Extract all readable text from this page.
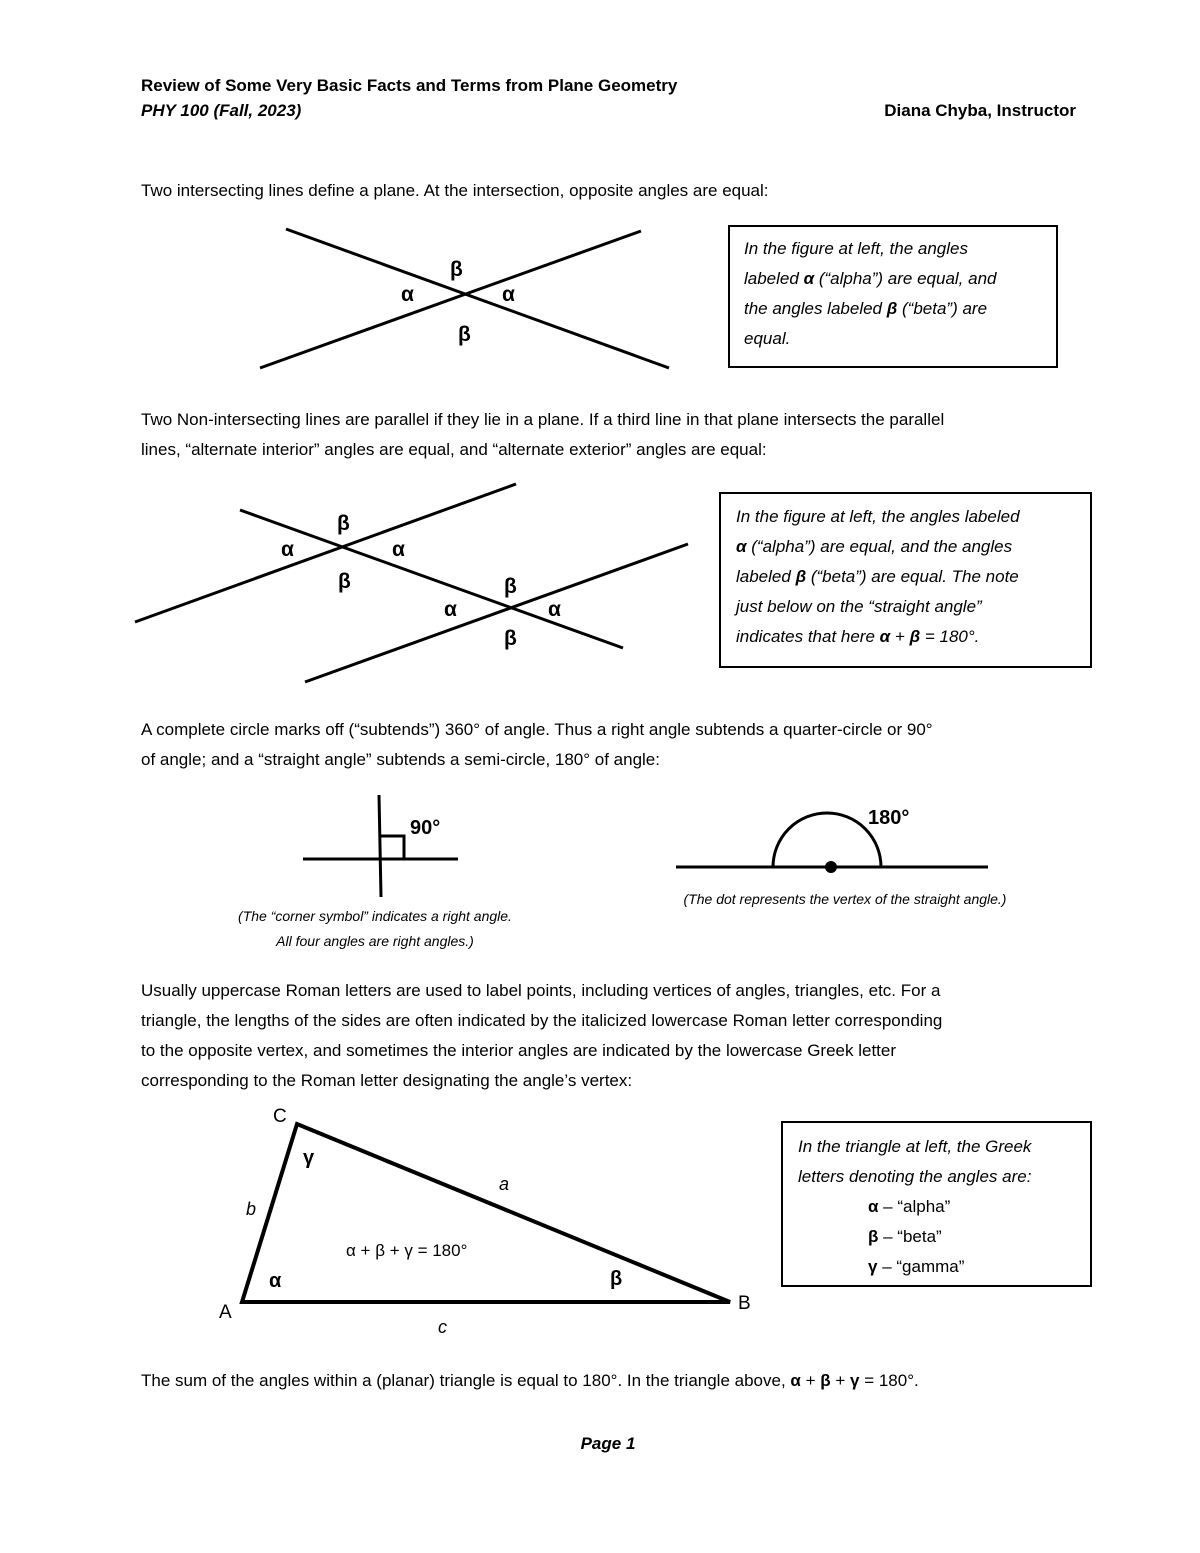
Review of Some Very Basic Facts and Terms from Plane Geometry
PHY 100 (Fall, 2023)	Diana Chyba, Instructor
Two intersecting lines define a plane. At the intersection, opposite angles are equal:
β
α	α
β
β
α	α
β	β
α	α
β
90°	180°
C
A	B
a
b
c
γ
α	β
α + β + γ = 180°
In the figure at left, the angles
labeled α (“alpha”) are equal, and
the angles labeled β (“beta”) are
equal.
Two Non-intersecting lines are parallel if they lie in a plane. If a third line in that plane intersects the parallel
lines, “alternate interior” angles are equal, and “alternate exterior” angles are equal:
In the figure at left, the angles labeled
α (“alpha”) are equal, and the angles
labeled β (“beta”) are equal. The note
just below on the “straight angle”
indicates that here α + β = 180°.
A complete circle marks off (“subtends”) 360° of angle. Thus a right angle subtends a quarter-circle or 90°
of angle; and a “straight angle” subtends a semi-circle, 180° of angle:
(The “corner symbol” indicates a right angle.
All four angles are right angles.)
(The dot represents the vertex of the straight angle.)
Usually uppercase Roman letters are used to label points, including vertices of angles, triangles, etc. For a
triangle, the lengths of the sides are often indicated by the italicized lowercase Roman letter corresponding
to the opposite vertex, and sometimes the interior angles are indicated by the lowercase Greek letter
corresponding to the Roman letter designating the angle’s vertex:
In the triangle at left, the Greek
letters denoting the angles are:
α – “alpha”
β – “beta”
γ – “gamma”
The sum of the angles within a (planar) triangle is equal to 180°. In the triangle above, α + β + γ = 180°.
Page 1
